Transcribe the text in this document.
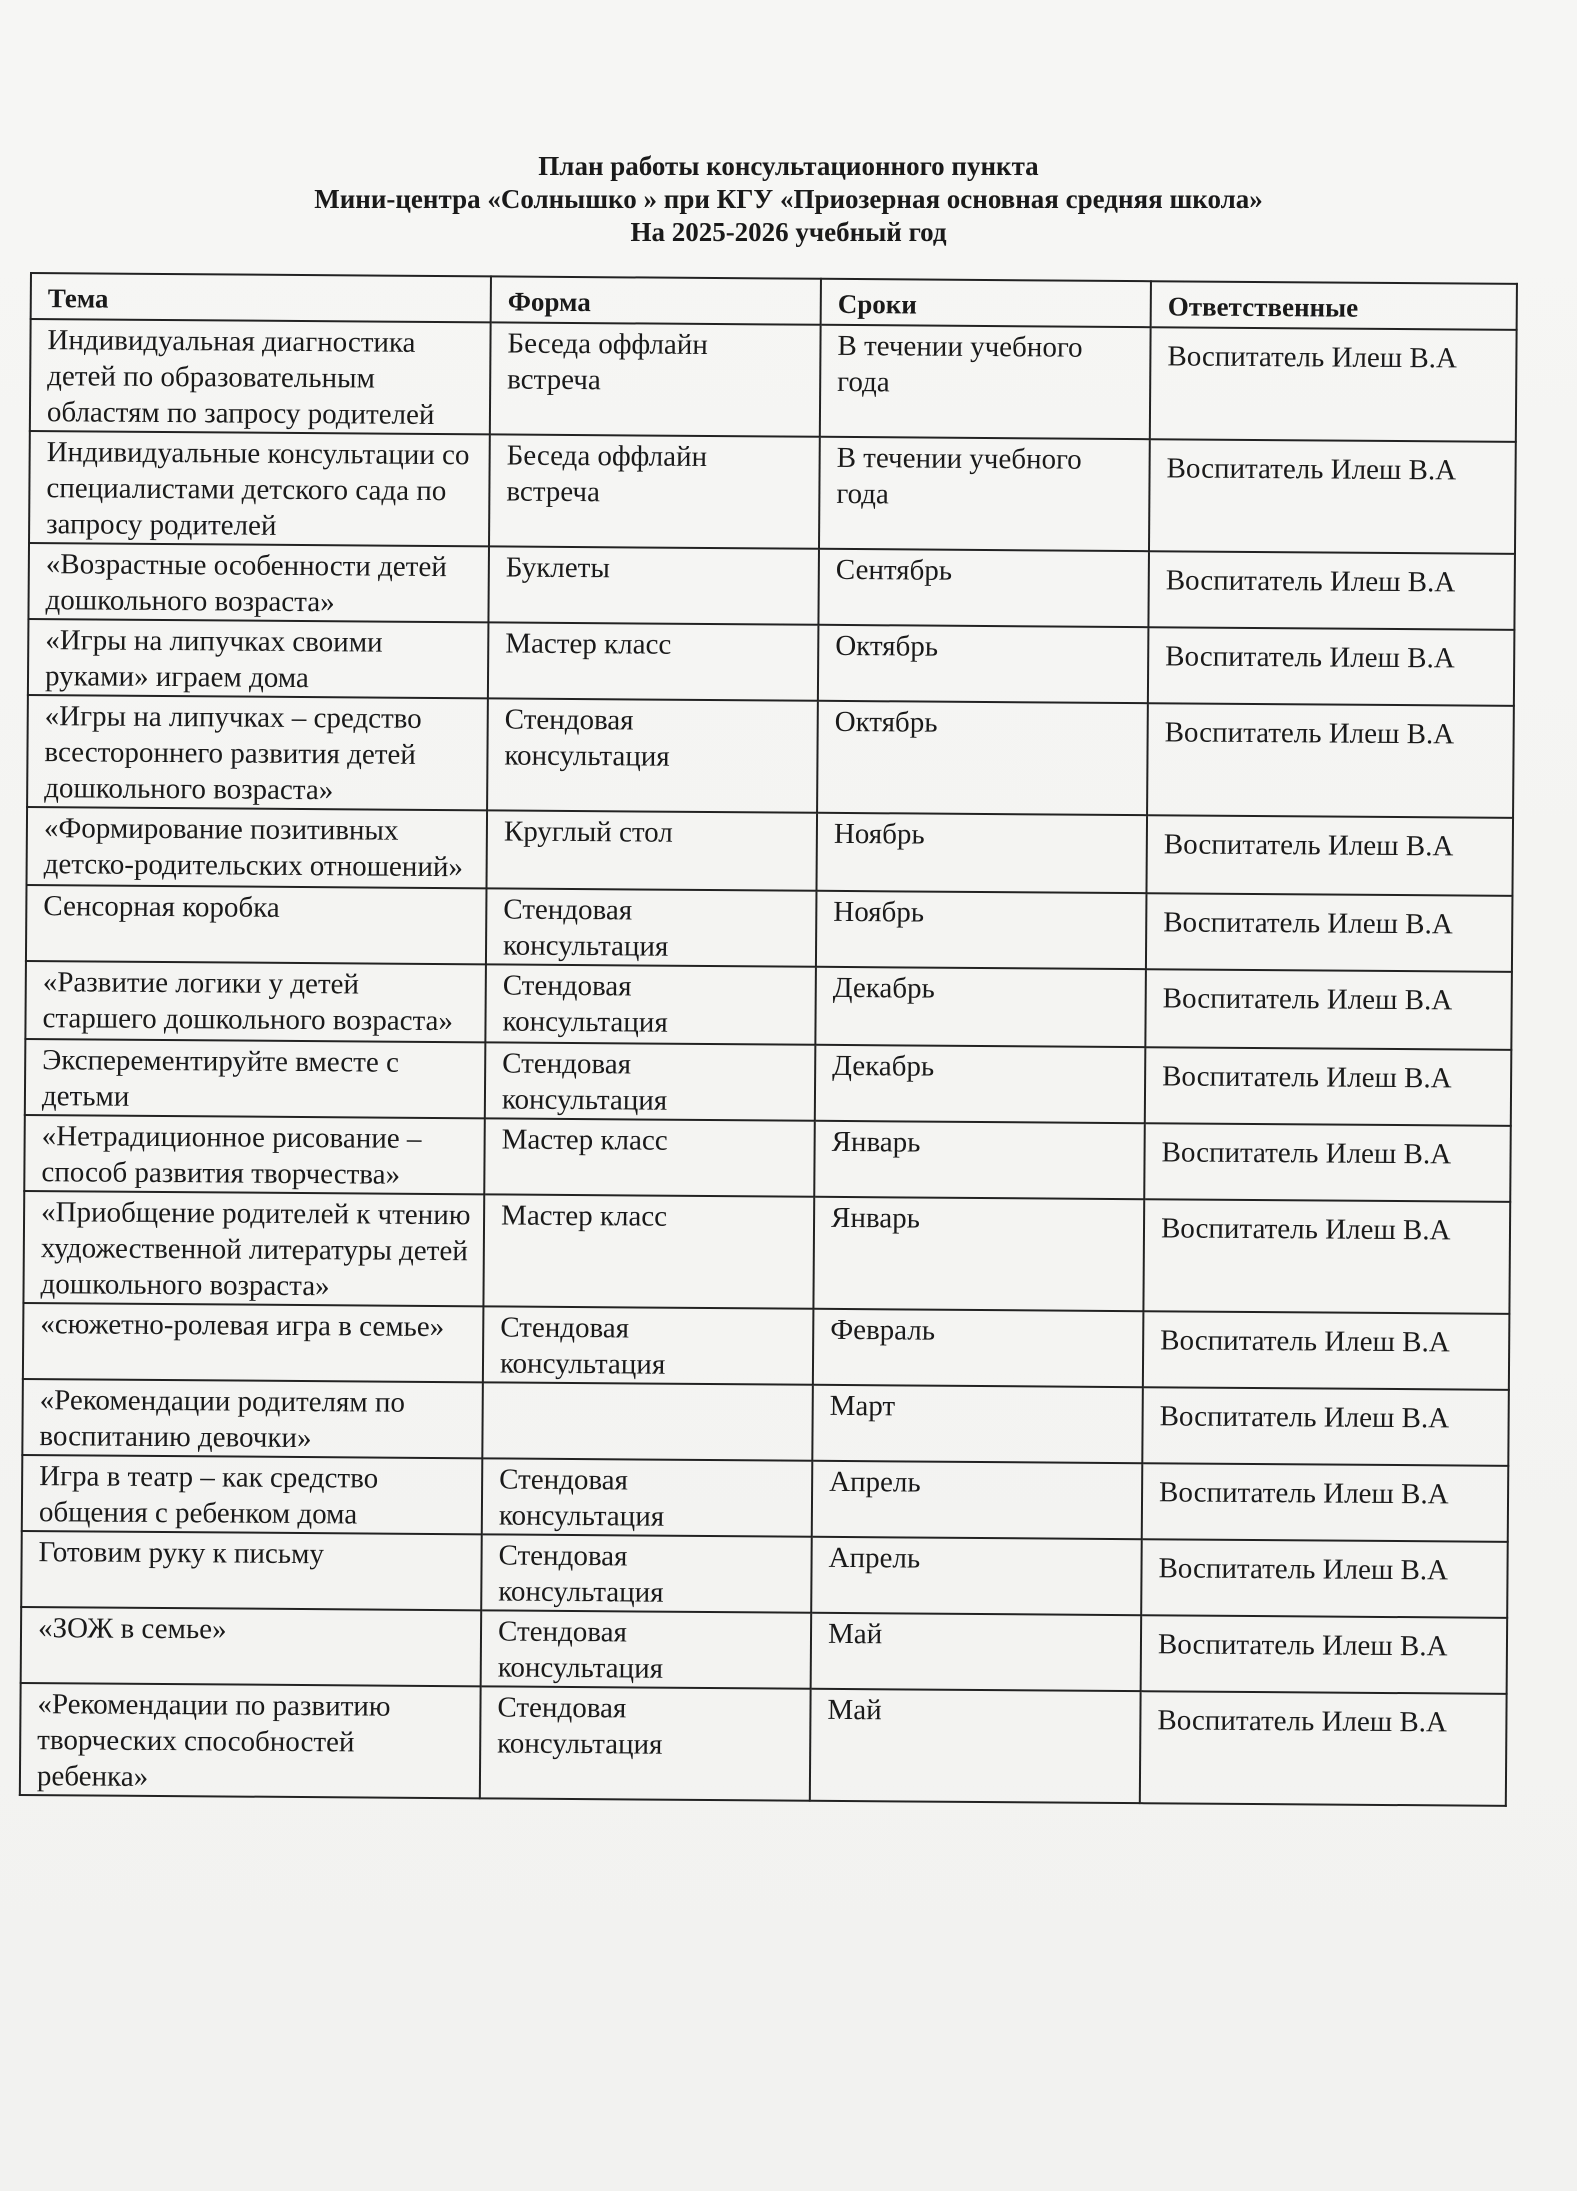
План работы консультационного пункта
Мини-центра «Солнышко » при КГУ «Приозерная основная средняя школа»
На 2025-2026 учебный год
Тема	Форма	Сроки	Ответственные
Индивидуальная диагностика детей по образовательным областям по запросу родителей	Беседа оффлайн встреча	В течении учебного года	Воспитатель Илеш В.А
Индивидуальные консультации со специалистами детского сада по запросу родителей	Беседа оффлайн встреча	В течении учебного года	Воспитатель Илеш В.А
«Возрастные особенности детей дошкольного возраста»	Буклеты	Сентябрь	Воспитатель Илеш В.А
«Игры на липучках своими руками» играем дома	Мастер класс	Октябрь	Воспитатель Илеш В.А
«Игры на липучках – средство всестороннего развития детей дошкольного возраста»	Стендовая консультация	Октябрь	Воспитатель Илеш В.А
«Формирование позитивных детско-родительских отношений»	Круглый стол	Ноябрь	Воспитатель Илеш В.А
Сенсорная коробка	Стендовая консультация	Ноябрь	Воспитатель Илеш В.А
«Развитие логики у детей старшего дошкольного возраста»	Стендовая консультация	Декабрь	Воспитатель Илеш В.А
Эксперементируйте вместе с детьми	Стендовая консультация	Декабрь	Воспитатель Илеш В.А
«Нетрадиционное рисование – способ развития творчества»	Мастер класс	Январь	Воспитатель Илеш В.А
«Приобщение родителей к чтению художественной литературы детей дошкольного возраста»	Мастер класс	Январь	Воспитатель Илеш В.А
«сюжетно-ролевая игра в семье»	Стендовая консультация	Февраль	Воспитатель Илеш В.А
«Рекомендации родителям по воспитанию девочки»		Март	Воспитатель Илеш В.А
Игра в театр – как средство общения с ребенком дома	Стендовая консультация	Апрель	Воспитатель Илеш В.А
Готовим руку к письму	Стендовая консультация	Апрель	Воспитатель Илеш В.А
«ЗОЖ в семье»	Стендовая консультация	Май	Воспитатель Илеш В.А
«Рекомендации по развитию творческих способностей ребенка»	Стендовая консультация	Май	Воспитатель Илеш В.А
